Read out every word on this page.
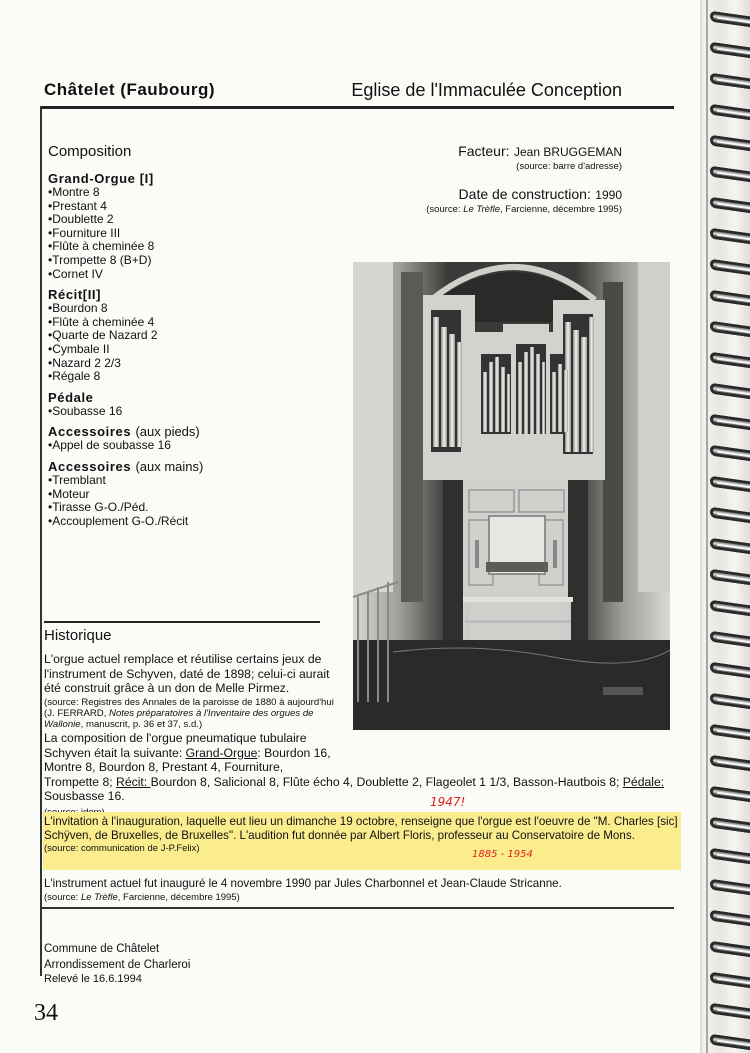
Châtelet (Faubourg)	Eglise de l'Immaculée Conception
Composition
Grand-Orgue [I]
• Montre 8
• Prestant 4
• Doublette 2
• Fourniture III
• Flûte à cheminée 8
• Trompette 8 (B+D)
• Cornet IV
Récit[II]
• Bourdon 8
• Flûte à cheminée 4
• Quarte de Nazard 2
• Cymbale II
• Nazard 2 2/3
• Régale 8
Pédale
• Soubasse 16
Accessoires (aux pieds)
• Appel de soubasse 16
Accessoires (aux mains)
• Tremblant
• Moteur
• Tirasse G-O./Péd.
• Accouplement G-O./Récit
Facteur: Jean BRUGGEMAN
(source: barre d'adresse)
Date de construction: 1990
(source: Le Trèfle, Farcienne, décembre 1995)
Historique
L'orgue actuel remplace et réutilise certains jeux de l'instrument de Schyven, daté de 1898; celui-ci aurait été construit grâce à un don de Melle Pirmez.
(source: Registres des Annales de la paroisse de 1880 à aujourd'hui (J. FERRARD, Notes préparatoires à l'Inventaire des orgues de Wallonie, manuscrit, p. 36 et 37, s.d.)
La composition de l'orgue pneumatique tubulaire Schyven était la suivante: Grand-Orgue: Bourdon 16, Montre 8, Bourdon 8, Prestant 4, Fourniture,
Trompette 8; Récit: Bourdon 8, Salicional 8, Flûte écho 4, Doublette 2, Flageolet 1 1/3, Basson-Hautbois 8; Pédale:
Sousbasse 16.	1947!
L'invitation à l'inauguration, laquelle eut lieu un dimanche 19 octobre, renseigne que l'orgue est l'oeuvre de "M. Charles [sic] Schÿven, de Bruxelles, de Bruxelles". L'audition fut donnée par Albert Floris, professeur au Conservatoire de Mons.
(source: communication de J-P.Felix)
1885 - 1954
L'instrument actuel fut inauguré le 4 novembre 1990 par Jules Charbonnel et Jean-Claude Stricanne.
(source: Le Trèfle, Farcienne, décembre 1995)
Commune de Châtelet
Arrondissement de Charleroi
Relevé le 16.6.1994
34
